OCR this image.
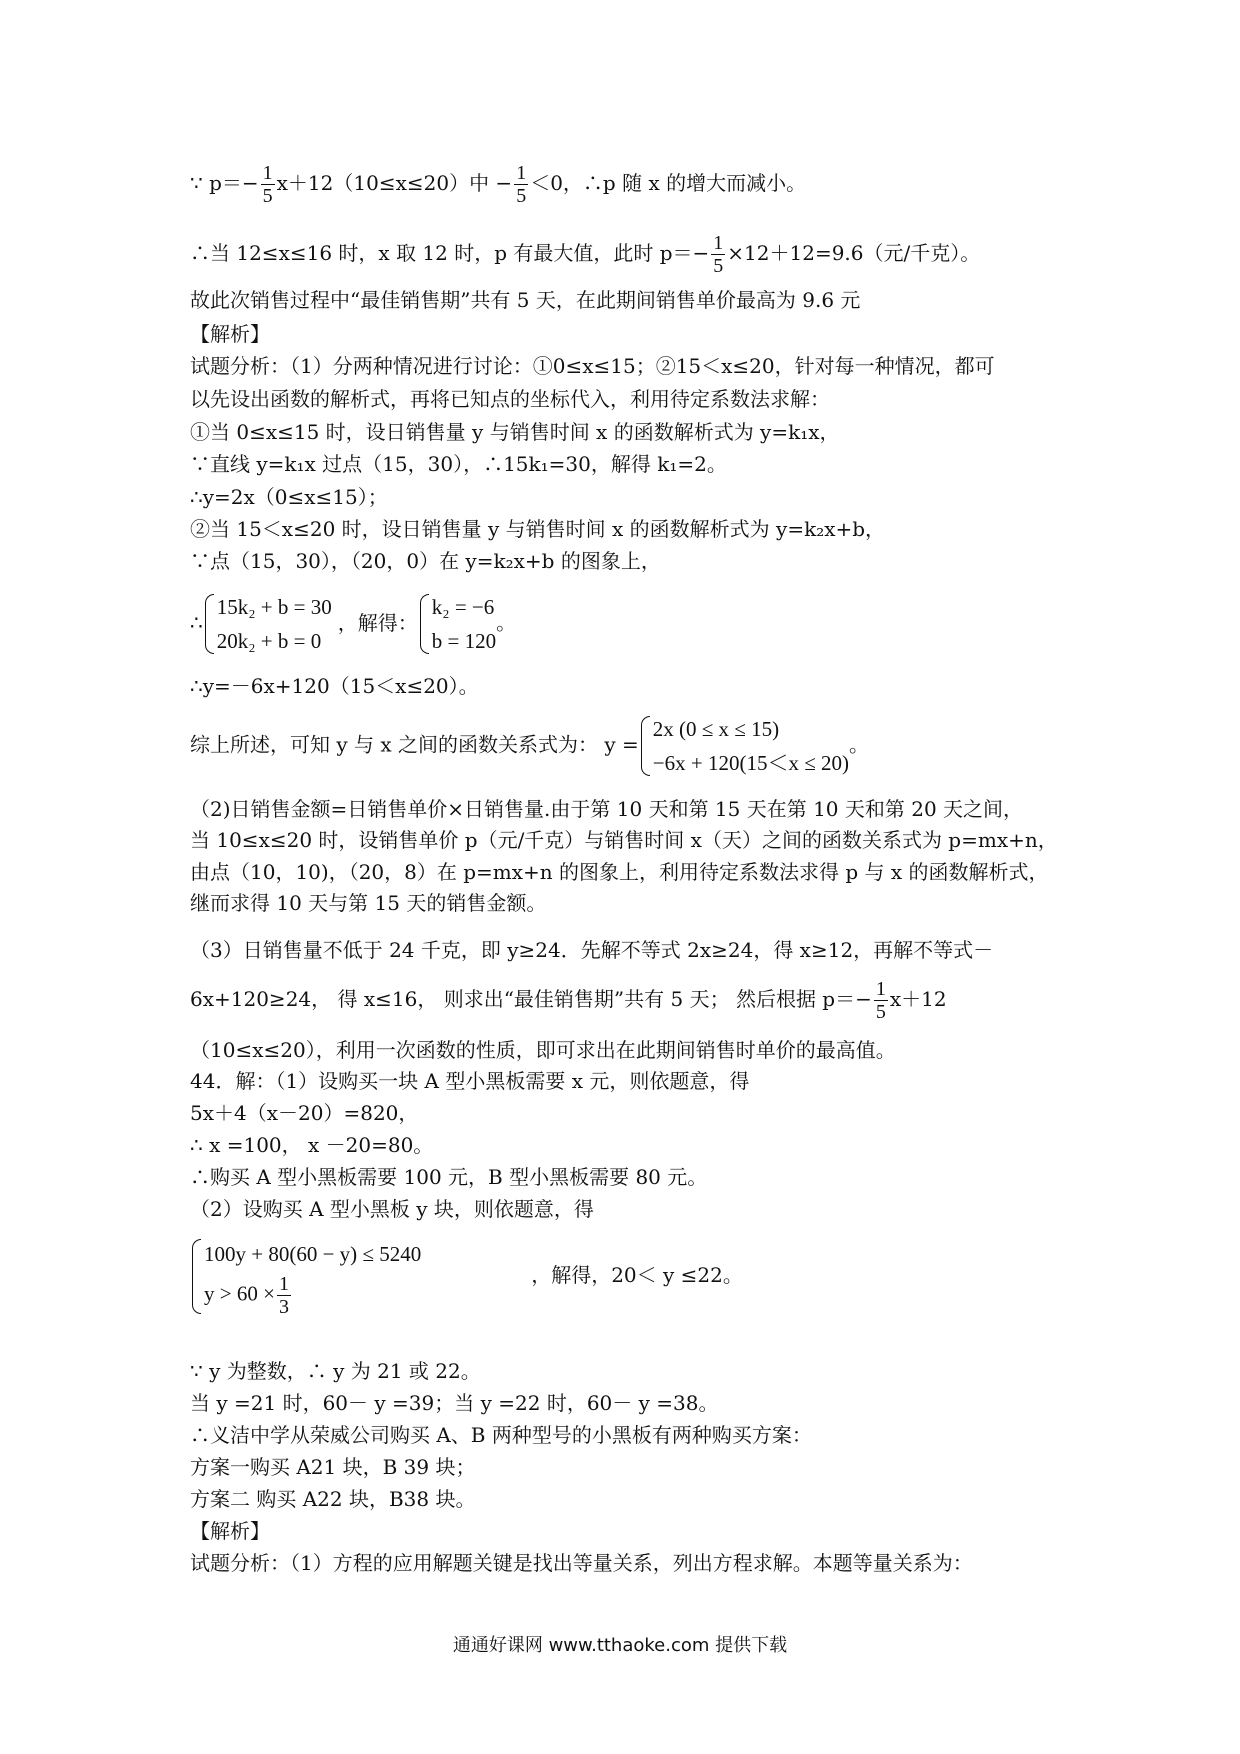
∵ $p=- \frac{1}{5} x+12(10\le x\le 20)$中 − $\frac{1}{5} <0$，∴p 随 x 的增大而减小。
∴当 12≤x≤16 时，x 取 12 时，p 有最大值，此时 $p=- \frac{1}{5} \times 12+12=9.6$（元/千克）。
故此次销售过程中“最佳销售期”共有 5 天，在此期间销售单价最高为 9.6 元
【解析】
试题分析：（1）分两种情况进行讨论：①0≤x≤15；②15＜x≤20，针对每一种情况，都可
以先设出函数的解析式，再将已知点的坐标代入，利用待定系数法求解：
①当 0≤x≤15 时，设日销售量 y 与销售时间 x 的函数解析式为 y=k₁x，
∵直线 y=k₁x 过点（15，30），∴15k₁=30，解得 k₁=2。
∴y=2x（0≤x≤15）；
②当 15＜x≤20 时，设日销售量 y 与销售时间 x 的函数解析式为 y=k₂x+b，
∵点（15，30），（20，0）在 y=k₂x+b 的图象上，
∴
15k₂ + b = 30
20k₂ + b = 0
，解得：
k₂ = −6
b = 120
。
∴y=－6x+120（15＜x≤20）。
综上所述，可知 y 与 x 之间的函数关系式为： y =
2x (0 ≤ x ≤ 15)
−6x + 120(15＜x ≤ 20)
。
（2)日销售金额=日销售单价×日销售量.由于第 10 天和第 15 天在第 10 天和第 20 天之间，
当 10≤x≤20 时，设销售单价 p（元/千克）与销售时间 x（天）之间的函数关系式为 p=mx+n，
由点（10，10)，（20，8）在 p=mx+n 的图象上，利用待定系数法求得 p 与 x 的函数解析式，
继而求得 10 天与第 15 天的销售金额。
（3）日销售量不低于 24 千克，即 y≥24．先解不等式 2x≥24，得 x≥12，再解不等式－
6x+120≥24， 得 x≤16， 则求出“最佳销售期”共有 5 天； 然后根据 $p=- \frac{1}{5} x+12$
（10≤x≤20），利用一次函数的性质，即可求出在此期间销售时单价的最高值。
44．解：（1）设购买一块 A 型小黑板需要 x 元，则依题意，得
5x＋4（x－20）=820，
∴ x =100， x －20=80。
∴购买 A 型小黑板需要 100 元，B 型小黑板需要 80 元。
（2）设购买 A 型小黑板 y 块，则依题意，得
100y + 80(60 − y) ≤ 5240
$y > 60 \times \frac{1}{3}$	，解得，20＜ y ≤22。
∵ y 为整数，∴ y 为 21 或 22。
当 y =21 时，60－ y =39；当 y =22 时，60－ y =38。
∴义洁中学从荣威公司购买 A、B 两种型号的小黑板有两种购买方案：
方案一购买 A21 块，B 39 块；
方案二 购买 A22 块，B38 块。
【解析】
试题分析：（1）方程的应用解题关键是找出等量关系，列出方程求解。本题等量关系为：
通通好课网 www.tthaoke.com 提供下载
